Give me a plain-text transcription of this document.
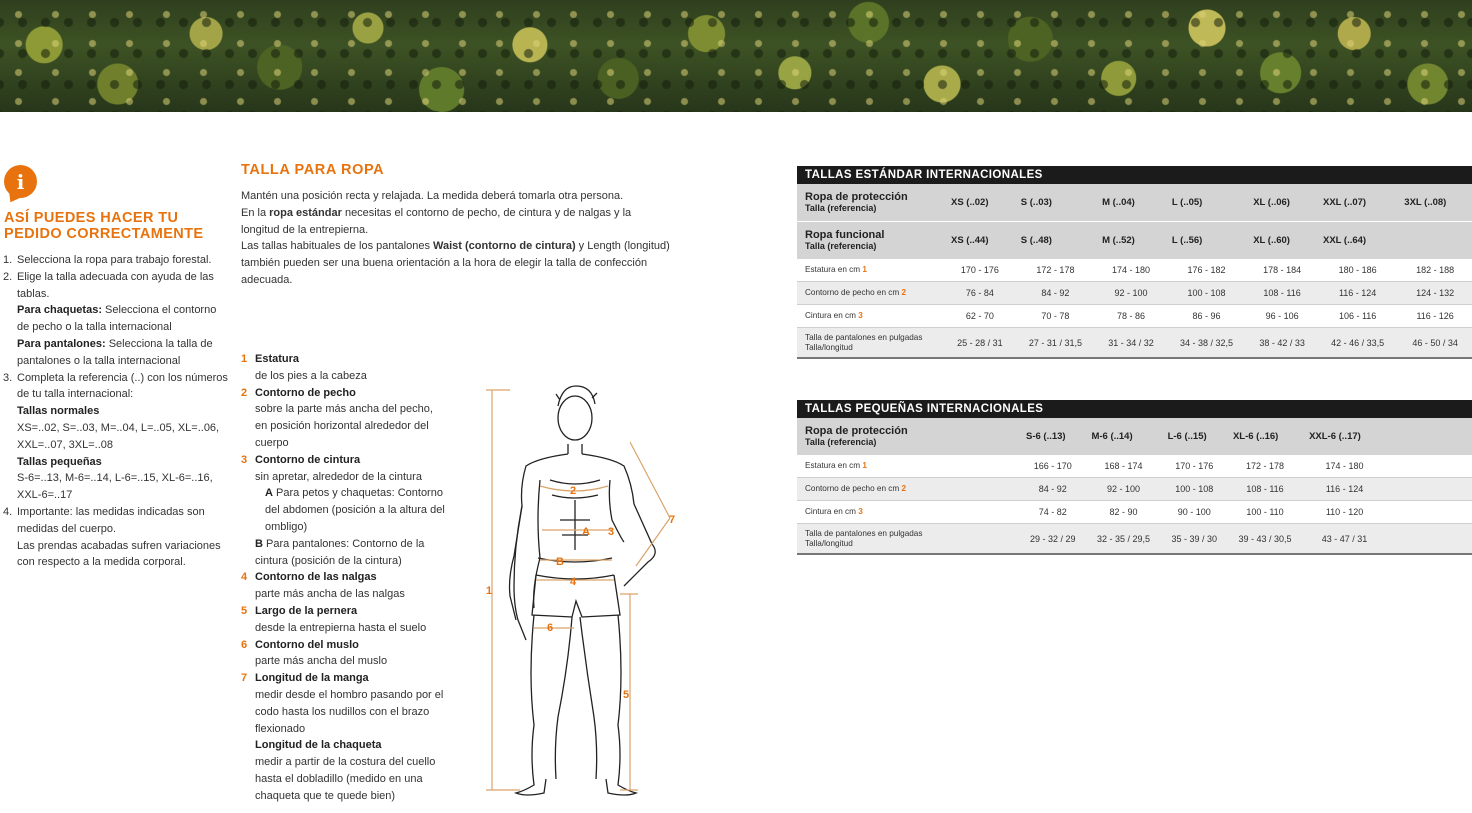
i
ASÍ PUEDES HACER TU PEDIDO CORRECTAMENTE
1. Selecciona la ropa para trabajo forestal.
2. Elige la talla adecuada con ayuda de las tablas.
Para chaquetas: Selecciona el contorno de pecho o la talla internacional
Para pantalones: Selecciona la talla de pantalones o la talla internacional
3. Completa la referencia (..) con los números de tu talla internacional:
Tallas normales
XS=..02, S=..03, M=..04, L=..05, XL=..06, XXL=..07, 3XL=..08
Tallas pequeñas
S-6=..13, M-6=..14, L-6=..15, XL-6=..16, XXL-6=..17
4. Importante: las medidas indicadas son medidas del cuerpo.
Las prendas acabadas sufren variaciones con respecto a la medida corporal.
TALLA PARA ROPA
Mantén una posición recta y relajada. La medida deberá tomarla otra persona.
En la ropa estándar necesitas el contorno de pecho, de cintura y de nalgas y la longitud de la entrepierna.
Las tallas habituales de los pantalones Waist (contorno de cintura) y Length (longitud) también pueden ser una buena orientación a la hora de elegir la talla de confección adecuada.
1 Estatura
de los pies a la cabeza
2 Contorno de pecho
sobre la parte más ancha del pecho, en posición horizontal alrededor del cuerpo
3 Contorno de cintura
sin apretar, alrededor de la cintura
A Para petos y chaquetas: Contorno del abdomen (posición a la altura del ombligo)
B Para pantalones: Contorno de la cintura (posición de la cintura)
4 Contorno de las nalgas
parte más ancha de las nalgas
5 Largo de la pernera
desde la entrepierna hasta el suelo
6 Contorno del muslo
parte más ancha del muslo
7 Longitud de la manga
medir desde el hombro pasando por el codo hasta los nudillos con el brazo flexionado
Longitud de la chaqueta
medir a partir de la costura del cuello hasta el dobladillo (medido en una chaqueta que te quede bien)
1
2
3
4
5
6
7
A
B
TALLAS ESTÁNDAR INTERNACIONALES							
Ropa de protección
Talla (referencia)	XS (..02)	S (..03)	M (..04)	L (..05)	XL (..06)	XXL (..07)	3XL (..08)
Ropa funcional
Talla (referencia)	XS (..44)	S (..48)	M (..52)	L (..56)	XL (..60)	XXL (..64)	
Estatura en cm 1	170 - 176	172 - 178	174 - 180	176 - 182	178 - 184	180 - 186	182 - 188
Contorno de pecho en cm 2	76 - 84	84 - 92	92 - 100	100 - 108	108 - 116	116 - 124	124 - 132
Cintura en cm 3	62 - 70	70 - 78	78 - 86	86 - 96	96 - 106	106 - 116	116 - 126
Talla de pantalones en pulgadas
Talla/longitud	25 - 28 / 31	27 - 31 / 31,5	31 - 34 / 32	34 - 38 / 32,5	38 - 42 / 33	42 - 46 / 33,5	46 - 50 / 34
TALLAS PEQUEÑAS INTERNACIONALES							
Ropa de protección
Talla (referencia)		S-6 (..13)	M-6 (..14)	L-6 (..15)	XL-6 (..16)	XXL-6 (..17)	
Estatura en cm 1		166 - 170	168 - 174	170 - 176	172 - 178	174 - 180	
Contorno de pecho en cm 2		84 - 92	92 - 100	100 - 108	108 - 116	116 - 124	
Cintura en cm 3		74 - 82	82 - 90	90 - 100	100 - 110	110 - 120	
Talla de pantalones en pulgadas
Talla/longitud		29 - 32 / 29	32 - 35 / 29,5	35 - 39 / 30	39 - 43 / 30,5	43 - 47 / 31	
